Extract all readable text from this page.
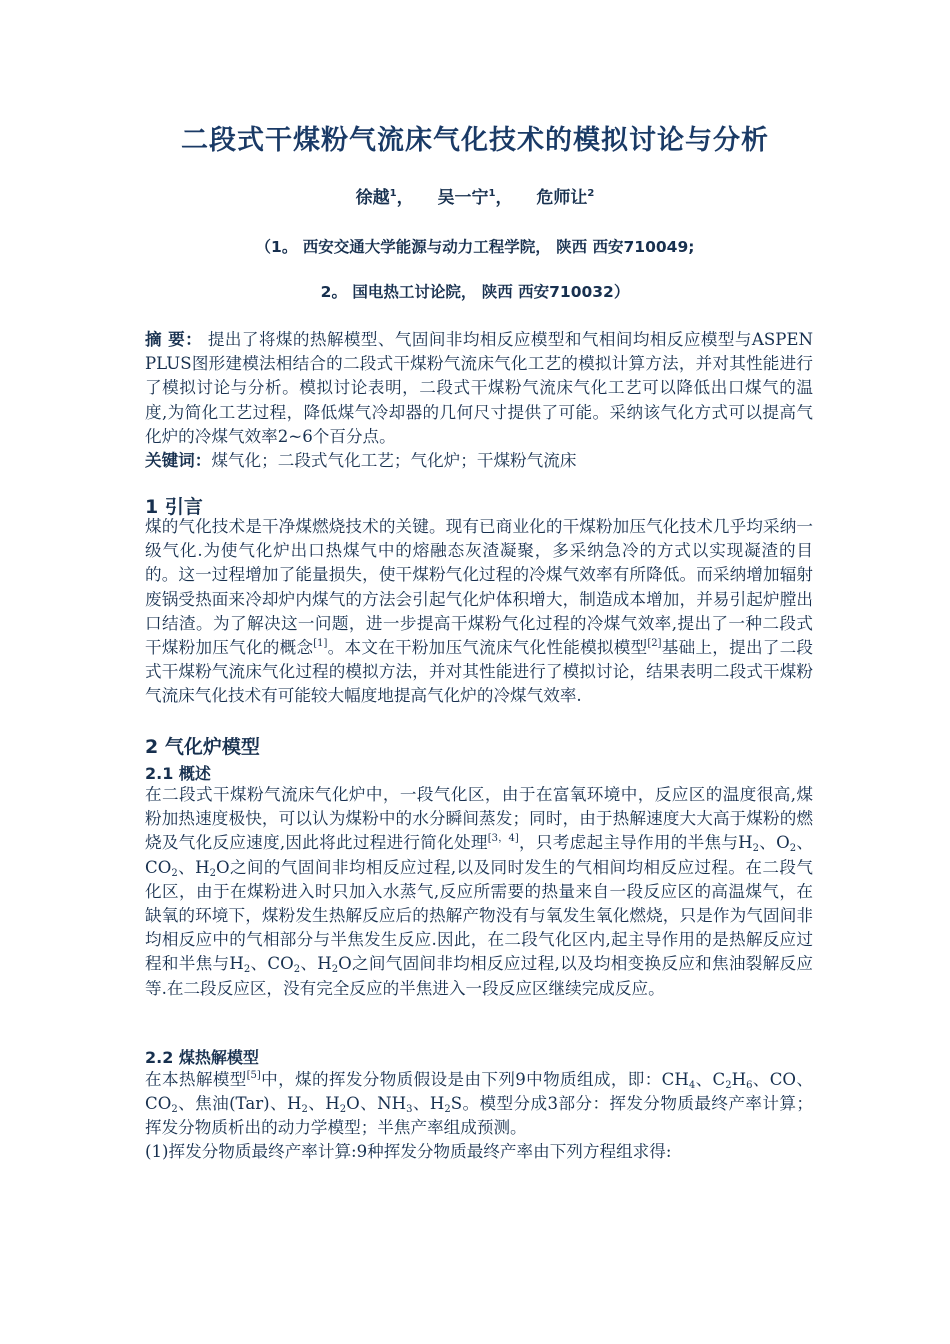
二段式干煤粉气流床气化技术的模拟讨论与分析
徐越$^1$， 吴一宁$^1$， 危师让$^2$
（1。 西安交通大学能源与动力工程学院， 陕西 西安710049;
2。 国电热工讨论院， 陕西 西安710032）
摘 要： 提出了将煤的热解模型、气固间非均相反应模型和气相间均相反应模型与ASPEN PLUS图形建模法相结合的二段式干煤粉气流床气化工艺的模拟计算方法，并对其性能进行了模拟讨论与分析。模拟讨论表明，二段式干煤粉气流床气化工艺可以降低出口煤气的温度,为简化工艺过程，降低煤气冷却器的几何尺寸提供了可能。采纳该气化方式可以提高气化炉的冷煤气效率2~6个百分点。
关键词：煤气化；二段式气化工艺；气化炉；干煤粉气流床
1 引言
煤的气化技术是干净煤燃烧技术的关键。现有已商业化的干煤粉加压气化技术几乎均采纳一级气化.为使气化炉出口热煤气中的熔融态灰渣凝聚，多采纳急冷的方式以实现凝渣的目的。这一过程增加了能量损失，使干煤粉气化过程的冷煤气效率有所降低。而采纳增加辐射废锅受热面来冷却炉内煤气的方法会引起气化炉体积增大，制造成本增加，并易引起炉膛出口结渣。为了解决这一问题，进一步提高干煤粉气化过程的冷煤气效率,提出了一种二段式干煤粉加压气化的概念[1]。本文在干粉加压气流床气化性能模拟模型[2]基础上，提出了二段式干煤粉气流床气化过程的模拟方法，并对其性能进行了模拟讨论，结果表明二段式干煤粉气流床气化技术有可能较大幅度地提高气化炉的冷煤气效率.
2 气化炉模型
2.1 概述
在二段式干煤粉气流床气化炉中，一段气化区，由于在富氧环境中，反应区的温度很高,煤粉加热速度极快，可以认为煤粉中的水分瞬间蒸发；同时，由于热解速度大大高于煤粉的燃烧及气化反应速度,因此将此过程进行简化处理[3，4]，只考虑起主导作用的半焦与$H_2$、$O_2$、$CO_2$、$H_2O$之间的气固间非均相反应过程,以及同时发生的气相间均相反应过程。在二段气化区，由于在煤粉进入时只加入水蒸气,反应所需要的热量来自一段反应区的高温煤气，在缺氧的环境下，煤粉发生热解反应后的热解产物没有与氧发生氧化燃烧，只是作为气固间非均相反应中的气相部分与半焦发生反应.因此，在二段气化区内,起主导作用的是热解反应过程和半焦与$H_2$、$CO_2$、$H_2O$之间气固间非均相反应过程,以及均相变换反应和焦油裂解反应等.在二段反应区，没有完全反应的半焦进入一段反应区继续完成反应。
2.2 煤热解模型
在本热解模型[5]中，煤的挥发分物质假设是由下列9中物质组成，即：$CH_4$、$C_2H_6$、CO、$CO_2$、焦油(Tar)、$H_2$、$H_2O$、$NH_3$、$H_2S$。模型分成3部分：挥发分物质最终产率计算；挥发分物质析出的动力学模型；半焦产率组成预测。
(1)挥发分物质最终产率计算:9种挥发分物质最终产率由下列方程组求得:
